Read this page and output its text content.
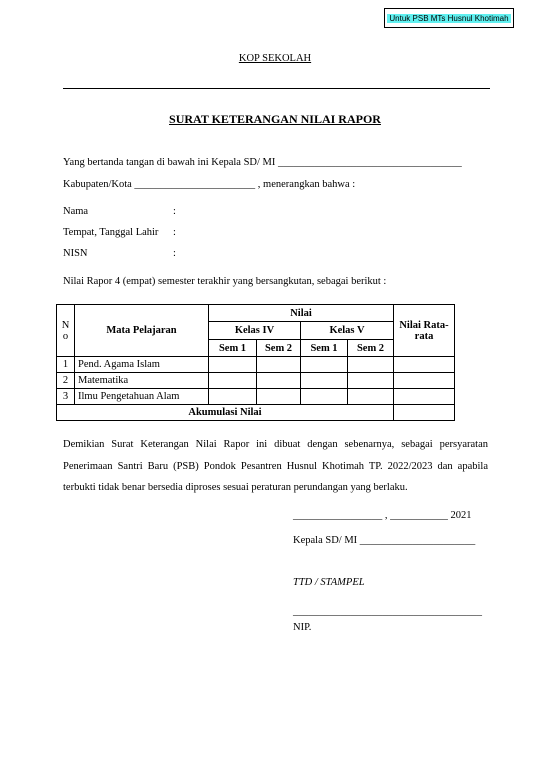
Untuk PSB MTs Husnul Khotimah
KOP SEKOLAH
SURAT KETERANGAN NILAI RAPOR
Yang bertanda tangan di bawah ini Kepala SD/ MI ___________________________________
Kabupaten/Kota _______________________ , menerangkan bahwa :
Nama	:
Tempat, Tanggal Lahir :
NISN	:
Nilai Rapor 4 (empat) semester terakhir yang bersangkutan, sebagai berikut :
N o	Mata Pelajaran	Nilai				Nilai Rata-rata
		Kelas IV		Kelas V		
		Sem 1	Sem 2	Sem 1	Sem 2	
1	Pend. Agama Islam					
2	Matematika					
3	Ilmu Pengetahuan Alam					
Akumulasi Nilai						
Demikian Surat Keterangan Nilai Rapor ini dibuat dengan sebenarnya, sebagai persyaratan Penerimaan Santri Baru (PSB) Pondok Pesantren Husnul Khotimah TP. 2022/2023 dan apabila terbukti tidak benar bersedia diproses sesuai peraturan perundangan yang berlaku.
_________________ , ___________ 2021
Kepala SD/ MI ______________________
TTD / STAMPEL
____________________________________
NIP.
